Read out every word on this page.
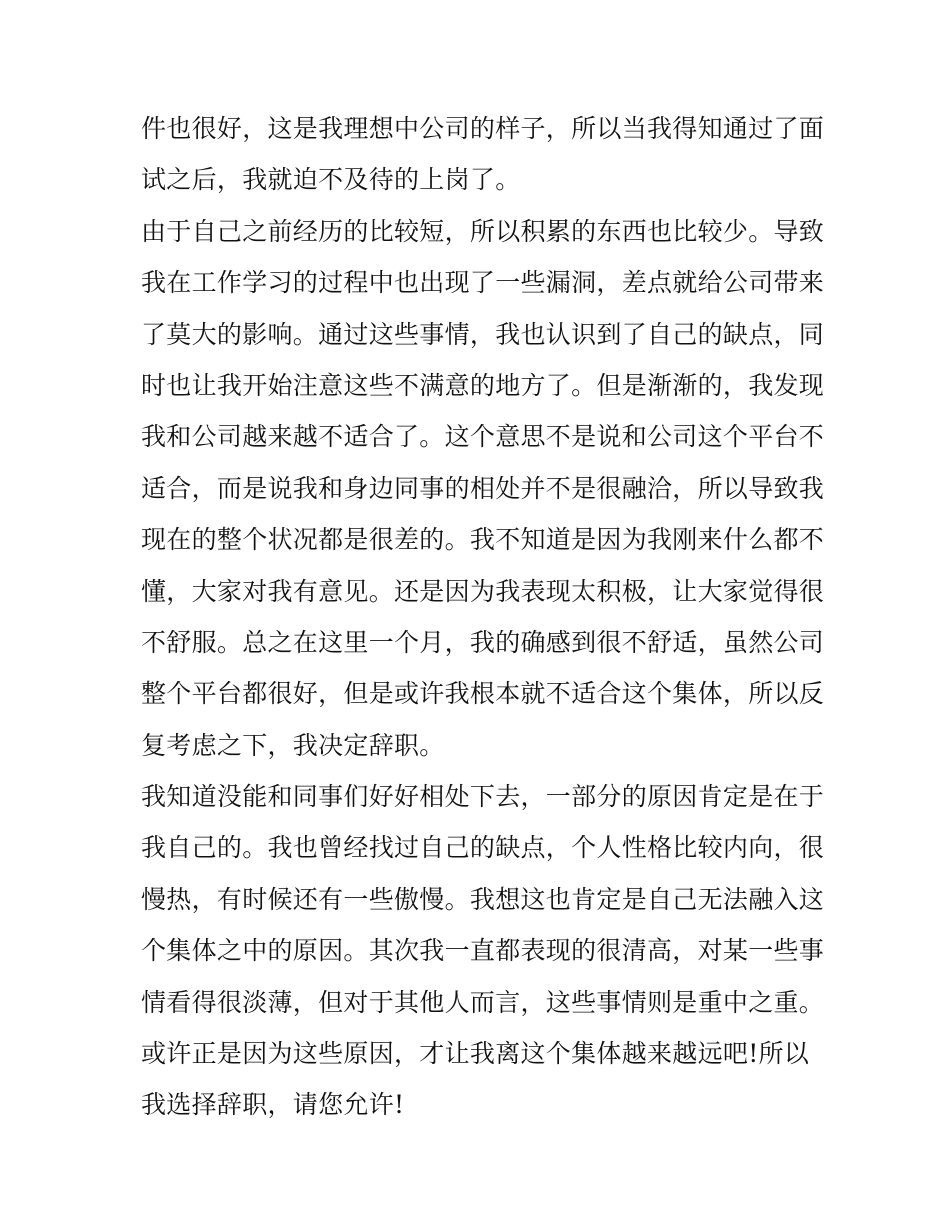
件也很好，这是我理想中公司的样子，所以当我得知通过了面
试之后，我就迫不及待的上岗了。
由于自己之前经历的比较短，所以积累的东西也比较少。导致
我在工作学习的过程中也出现了一些漏洞，差点就给公司带来
了莫大的影响。通过这些事情，我也认识到了自己的缺点，同
时也让我开始注意这些不满意的地方了。但是渐渐的，我发现
我和公司越来越不适合了。这个意思不是说和公司这个平台不
适合，而是说我和身边同事的相处并不是很融洽，所以导致我
现在的整个状况都是很差的。我不知道是因为我刚来什么都不
懂，大家对我有意见。还是因为我表现太积极，让大家觉得很
不舒服。总之在这里一个月，我的确感到很不舒适，虽然公司
整个平台都很好，但是或许我根本就不适合这个集体，所以反
复考虑之下，我决定辞职。
我知道没能和同事们好好相处下去，一部分的原因肯定是在于
我自己的。我也曾经找过自己的缺点，个人性格比较内向，很
慢热，有时候还有一些傲慢。我想这也肯定是自己无法融入这
个集体之中的原因。其次我一直都表现的很清高，对某一些事
情看得很淡薄，但对于其他人而言，这些事情则是重中之重。
或许正是因为这些原因，才让我离这个集体越来越远吧!所以
我选择辞职，请您允许!
